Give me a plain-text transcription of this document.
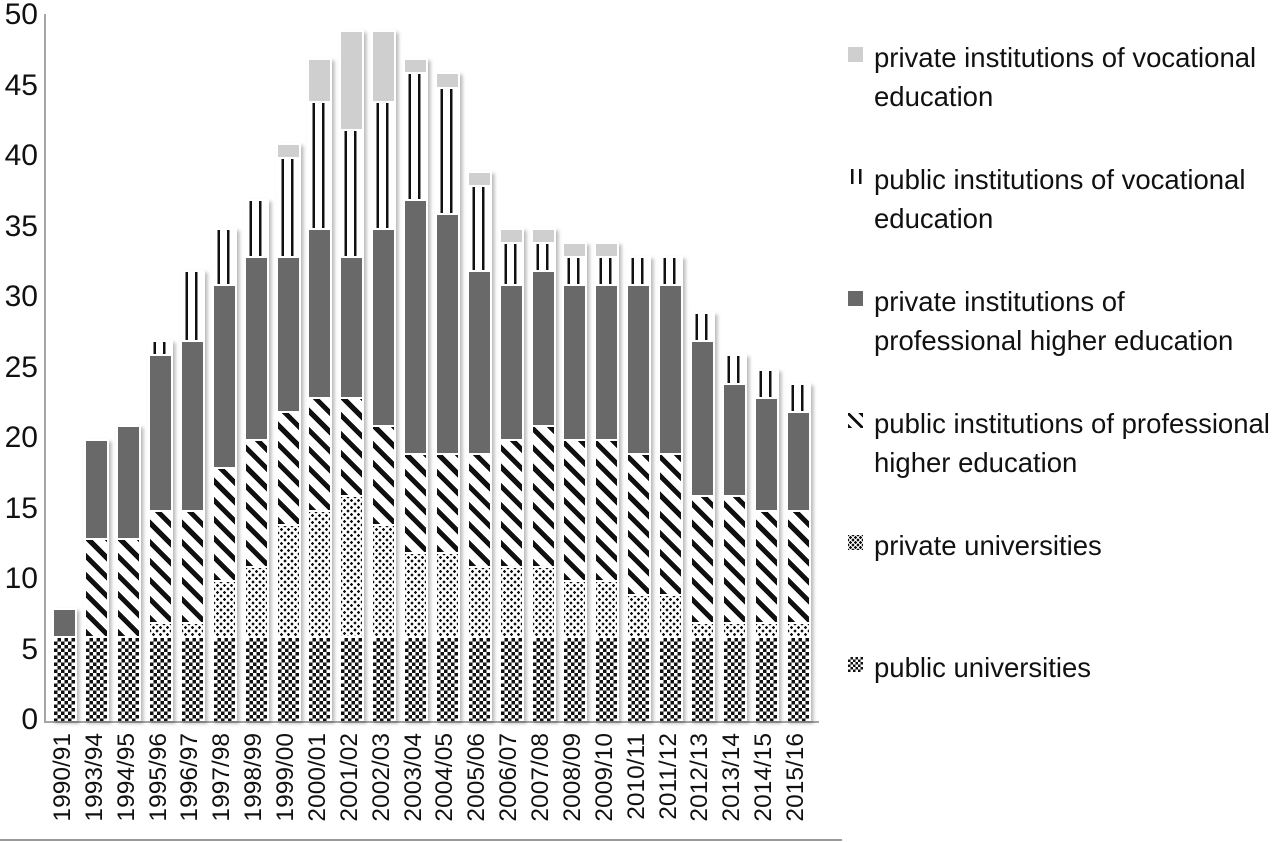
0
5
10
15
20
25
30
35
40
45
50
1990/91 1993/94 1994/95 1995/96 1996/97 1997/98 1998/99 1999/00 2000/01 2001/02 2002/03 2003/04 2004/05 2005/06 2006/07 2007/08 2008/09 2009/10 2010/11 2011/12 2012/13 2013/14 2014/15 2015/16
private institutions of vocational education
public institutions of vocational education
private institutions of professional higher education
public institutions of professional higher education
private universities
public universities
